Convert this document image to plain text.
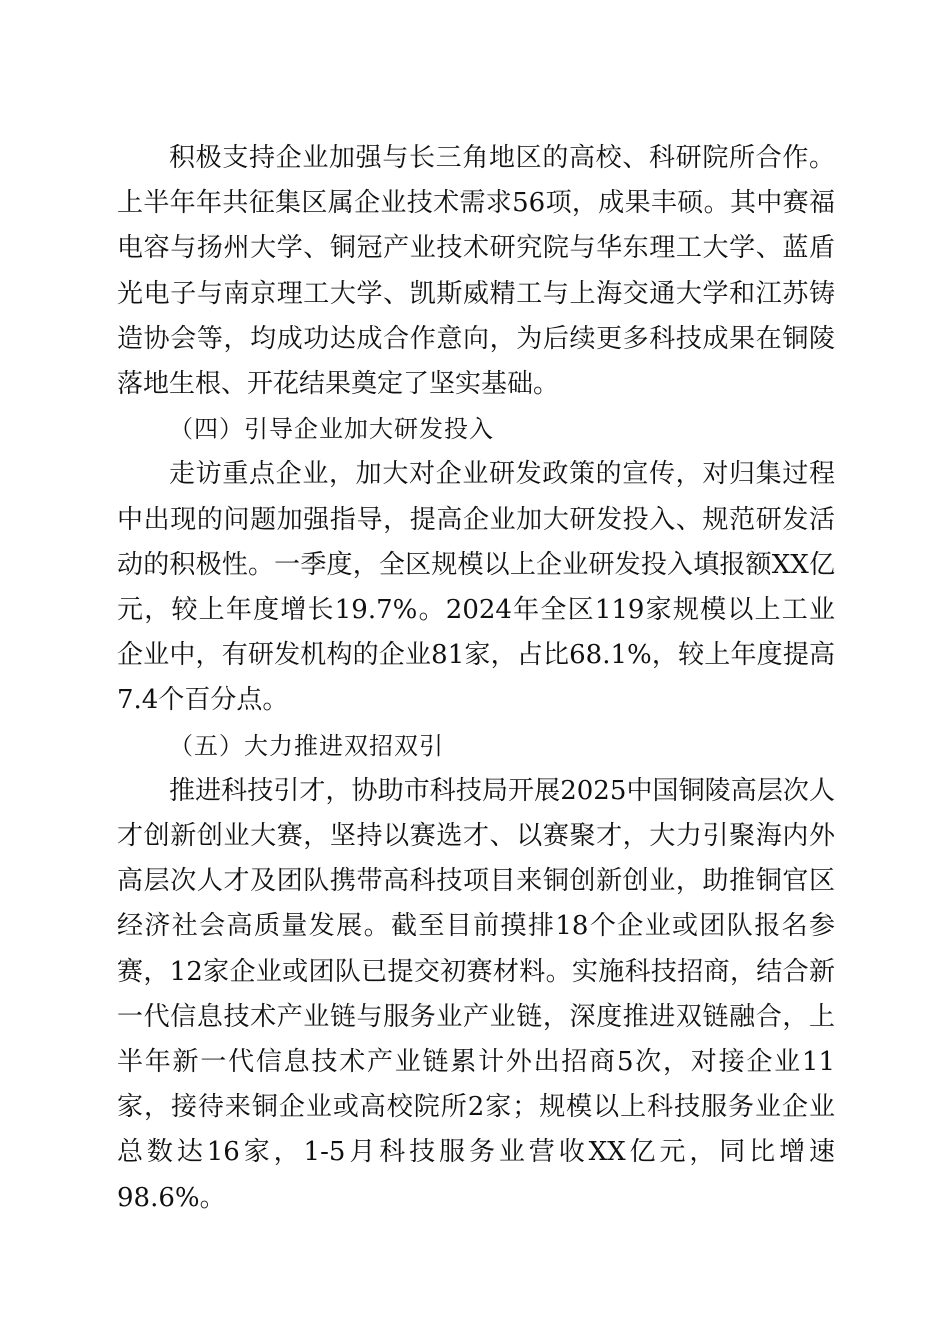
积极支持企业加强与长三角地区的高校、科研院所合作。上半年年共征集区属企业技术需求56项，成果丰硕。其中赛福电容与扬州大学、铜冠产业技术研究院与华东理工大学、蓝盾光电子与南京理工大学、凯斯威精工与上海交通大学和江苏铸造协会等，均成功达成合作意向，为后续更多科技成果在铜陵落地生根、开花结果奠定了坚实基础。

（四）引导企业加大研发投入

走访重点企业，加大对企业研发政策的宣传，对归集过程中出现的问题加强指导，提高企业加大研发投入、规范研发活动的积极性。一季度，全区规模以上企业研发投入填报额XX亿元，较上年度增长19.7%。2024年全区119家规模以上工业企业中，有研发机构的企业81家，占比68.1%，较上年度提高7.4个百分点。

（五）大力推进双招双引

推进科技引才，协助市科技局开展2025中国铜陵高层次人才创新创业大赛，坚持以赛选才、以赛聚才，大力引聚海内外高层次人才及团队携带高科技项目来铜创新创业，助推铜官区经济社会高质量发展。截至目前摸排18个企业或团队报名参赛，12家企业或团队已提交初赛材料。实施科技招商，结合新一代信息技术产业链与服务业产业链，深度推进双链融合，上半年新一代信息技术产业链累计外出招商5次，对接企业11家，接待来铜企业或高校院所2家；规模以上科技服务业企业总数达16家，1-5月科技服务业营收XX亿元，同比增速98.6%。
